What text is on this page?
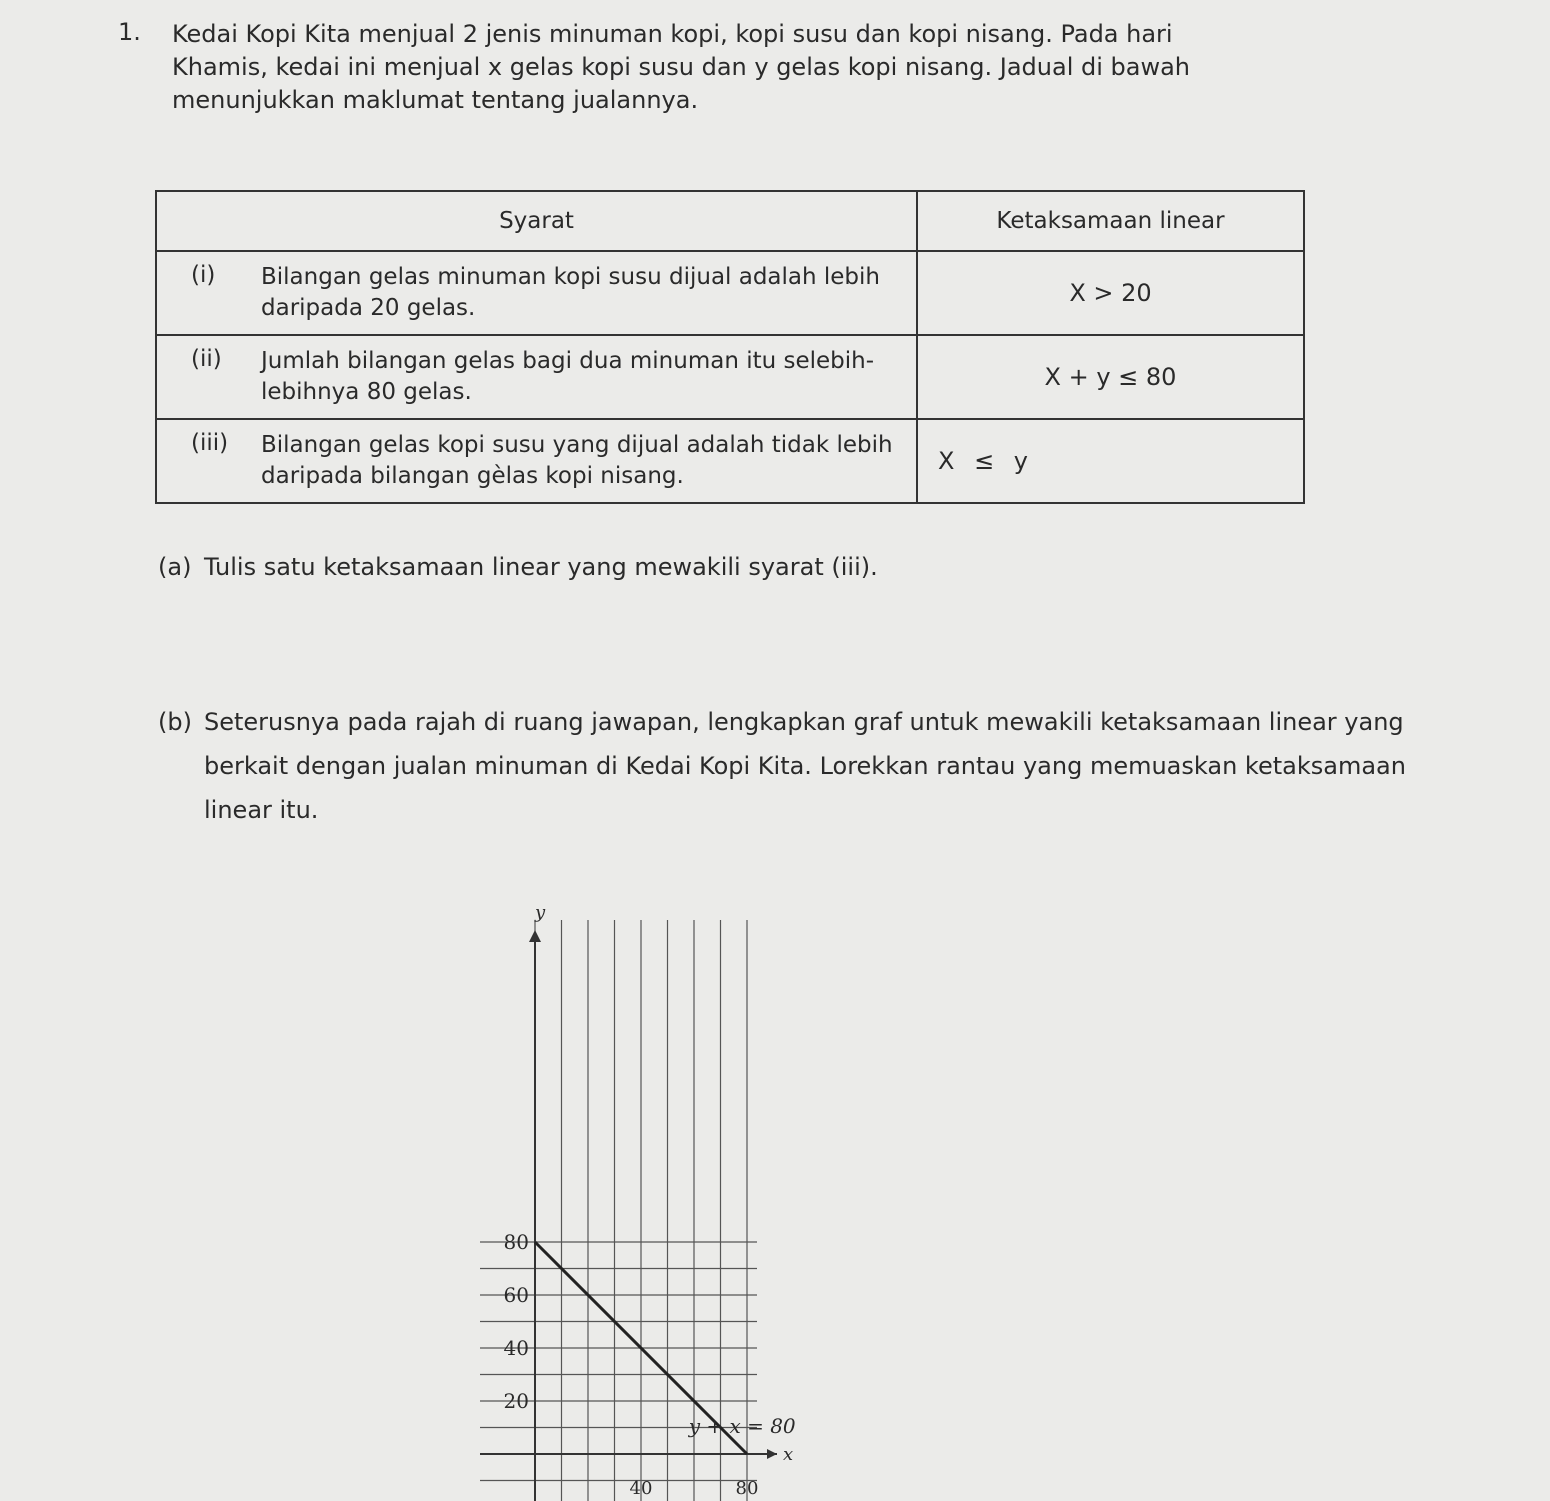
1. Kedai Kopi Kita menjual 2 jenis minuman kopi, kopi susu dan kopi nisang. Pada hari

Khamis, kedai ini menjual x gelas kopi susu dan y gelas kopi nisang. Jadual di bawah

menunjukkan maklumat tentang jualannya.

Syarat	Ketaksamaan linear

(i) Bilangan gelas minuman kopi susu dijual adalah lebih daripada 20 gelas.	X > 20

(ii) Jumlah bilangan gelas bagi dua minuman itu selebih-lebihnya 80 gelas.	X + y ≤ 80

(iii) Bilangan gelas kopi susu yang dijual adalah tidak lebih daripada bilangan gèlas kopi nisang.	X ≤ y
(a) Tulis satu ketaksamaan linear yang mewakili syarat (iii).
(b) Seterusnya pada rajah di ruang jawapan, lengkapkan graf untuk mewakili ketaksamaan linear yang berkait dengan jualan minuman di Kedai Kopi Kita. Lorekkan rantau yang memuaskan ketaksamaan linear itu.
y
x
80
60
40
20
40	80
y + x = 80
